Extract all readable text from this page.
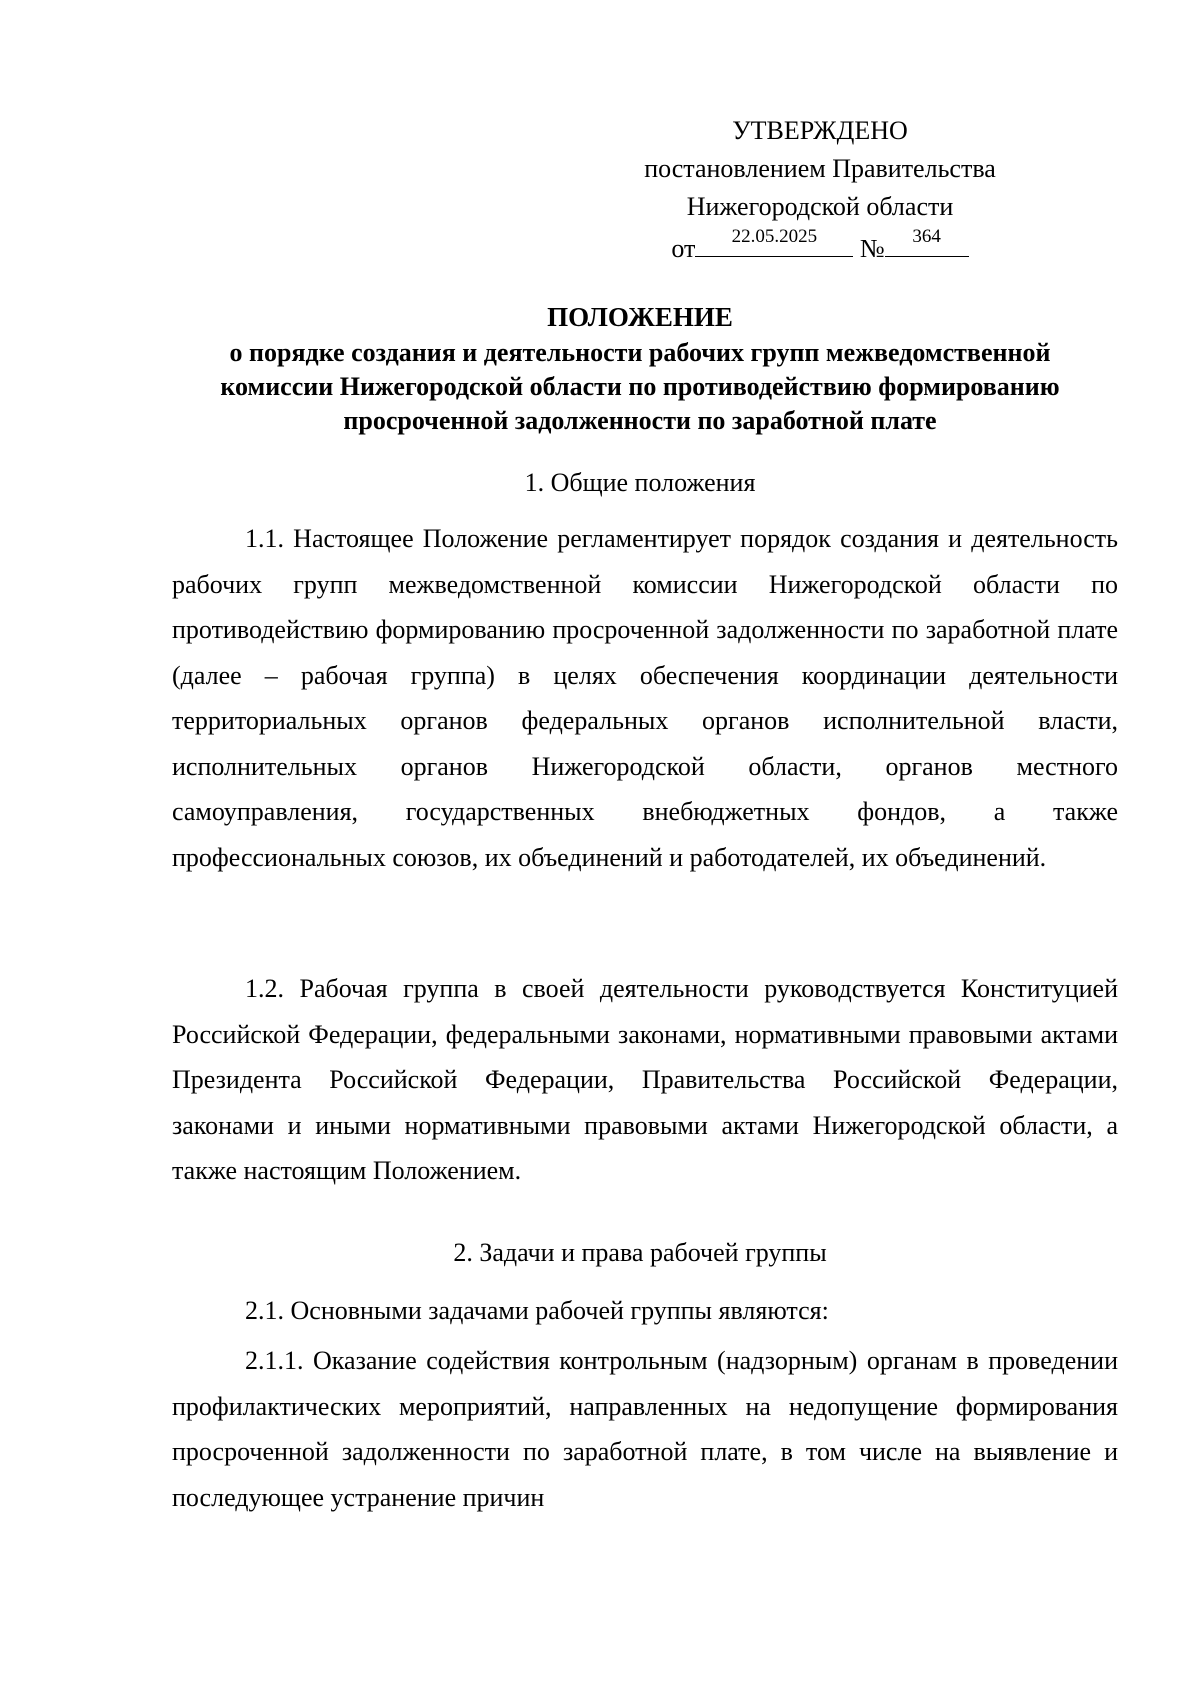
УТВЕРЖДЕНО
постановлением Правительства
Нижегородской области
от	22.05.2025	№	364
ПОЛОЖЕНИЕ
о порядке создания и деятельности рабочих групп межведомственной
комиссии Нижегородской области по противодействию формированию
просроченной задолженности по заработной плате
1. Общие положения

1.1. Настоящее Положение регламентирует порядок создания и деятельность рабочих групп межведомственной комиссии Нижегородской области по противодействию формированию просроченной задолженности по заработной плате (далее – рабочая группа) в целях обеспечения координации деятельности территориальных органов федеральных органов исполнительной власти, исполнительных органов Нижегородской области, органов местного самоуправления, государственных внебюджетных фондов, а также профессиональных союзов, их объединений и работодателей, их объединений.

1.2. Рабочая группа в своей деятельности руководствуется Конституцией Российской Федерации, федеральными законами, нормативными правовыми актами Президента Российской Федерации, Правительства Российской Федерации, законами и иными нормативными правовыми актами Нижегородской области, а также настоящим Положением.

2. Задачи и права рабочей группы

2.1. Основными задачами рабочей группы являются:

2.1.1. Оказание содействия контрольным (надзорным) органам в проведении профилактических мероприятий, направленных на недопущение формирования просроченной задолженности по заработной плате, в том числе на выявление и последующее устранение причин
